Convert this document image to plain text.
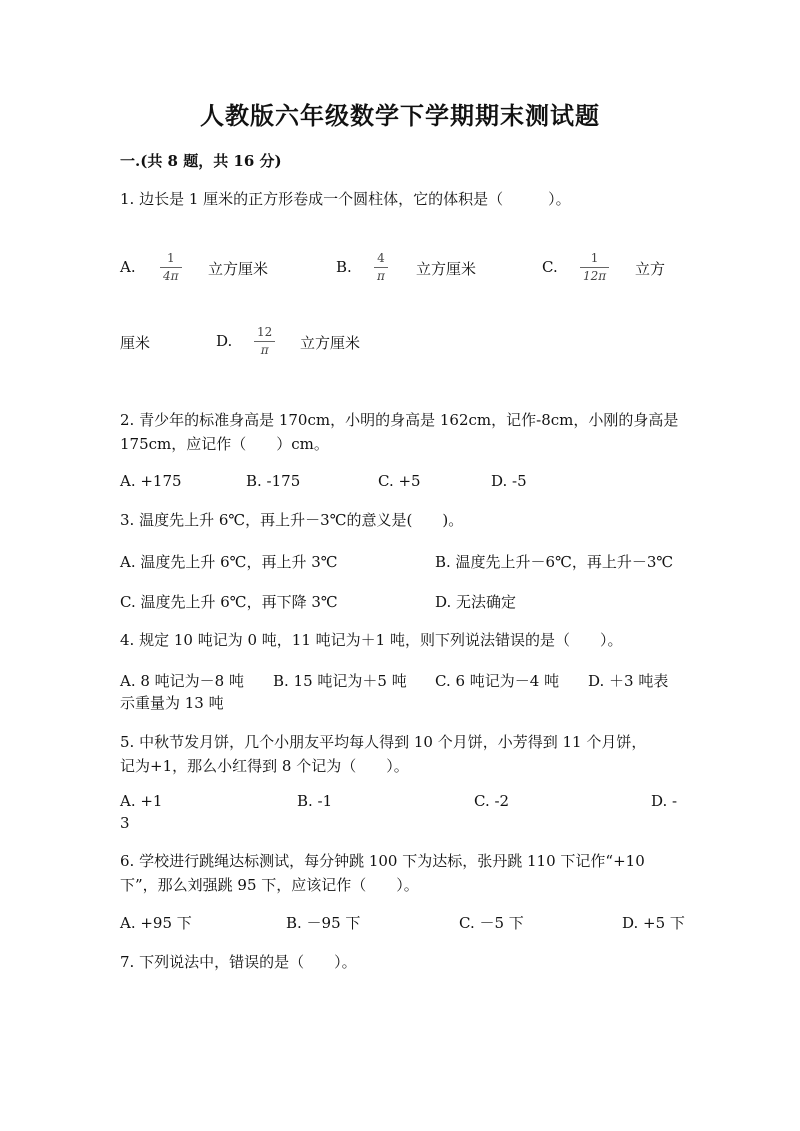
人教版六年级数学下学期期末测试题
一.(共 8 题，共 16 分)
1. 边长是 1 厘米的正方形卷成一个圆柱体，它的体积是（　　　）。
A.	1
4π 立方厘米	B. 4
π 立方厘米	C.	1
12π 立方
厘米	D. 12
π 立方厘米
2. 青少年的标准身高是 170cm，小明的身高是 162cm，记作-8cm，小刚的身高是
175cm，应记作（　　）cm。
A. +175	B. -175	C. +5	D. -5
3. 温度先上升 6℃，再上升－3℃的意义是(　　)。
A. 温度先上升 6℃，再上升 3℃	B. 温度先上升－6℃，再上升－3℃
C. 温度先上升 6℃，再下降 3℃	D. 无法确定
4. 规定 10 吨记为 0 吨，11 吨记为＋1 吨，则下列说法错误的是（　　）。
A. 8 吨记为－8 吨 B. 15 吨记为＋5 吨 C. 6 吨记为－4 吨 D. ＋3 吨表
示重量为 13 吨
5. 中秋节发月饼，几个小朋友平均每人得到 10 个月饼，小芳得到 11 个月饼，
记为+1，那么小红得到 8 个记为（　　）。
A. +1	B. -1	C. -2	D. -
3
6. 学校进行跳绳达标测试，每分钟跳 100 下为达标，张丹跳 110 下记作“+10
下”，那么刘强跳 95 下，应该记作（　　）。
A. +95 下	B. －95 下	C. －5 下	D. +5 下
7. 下列说法中，错误的是（　　）。
